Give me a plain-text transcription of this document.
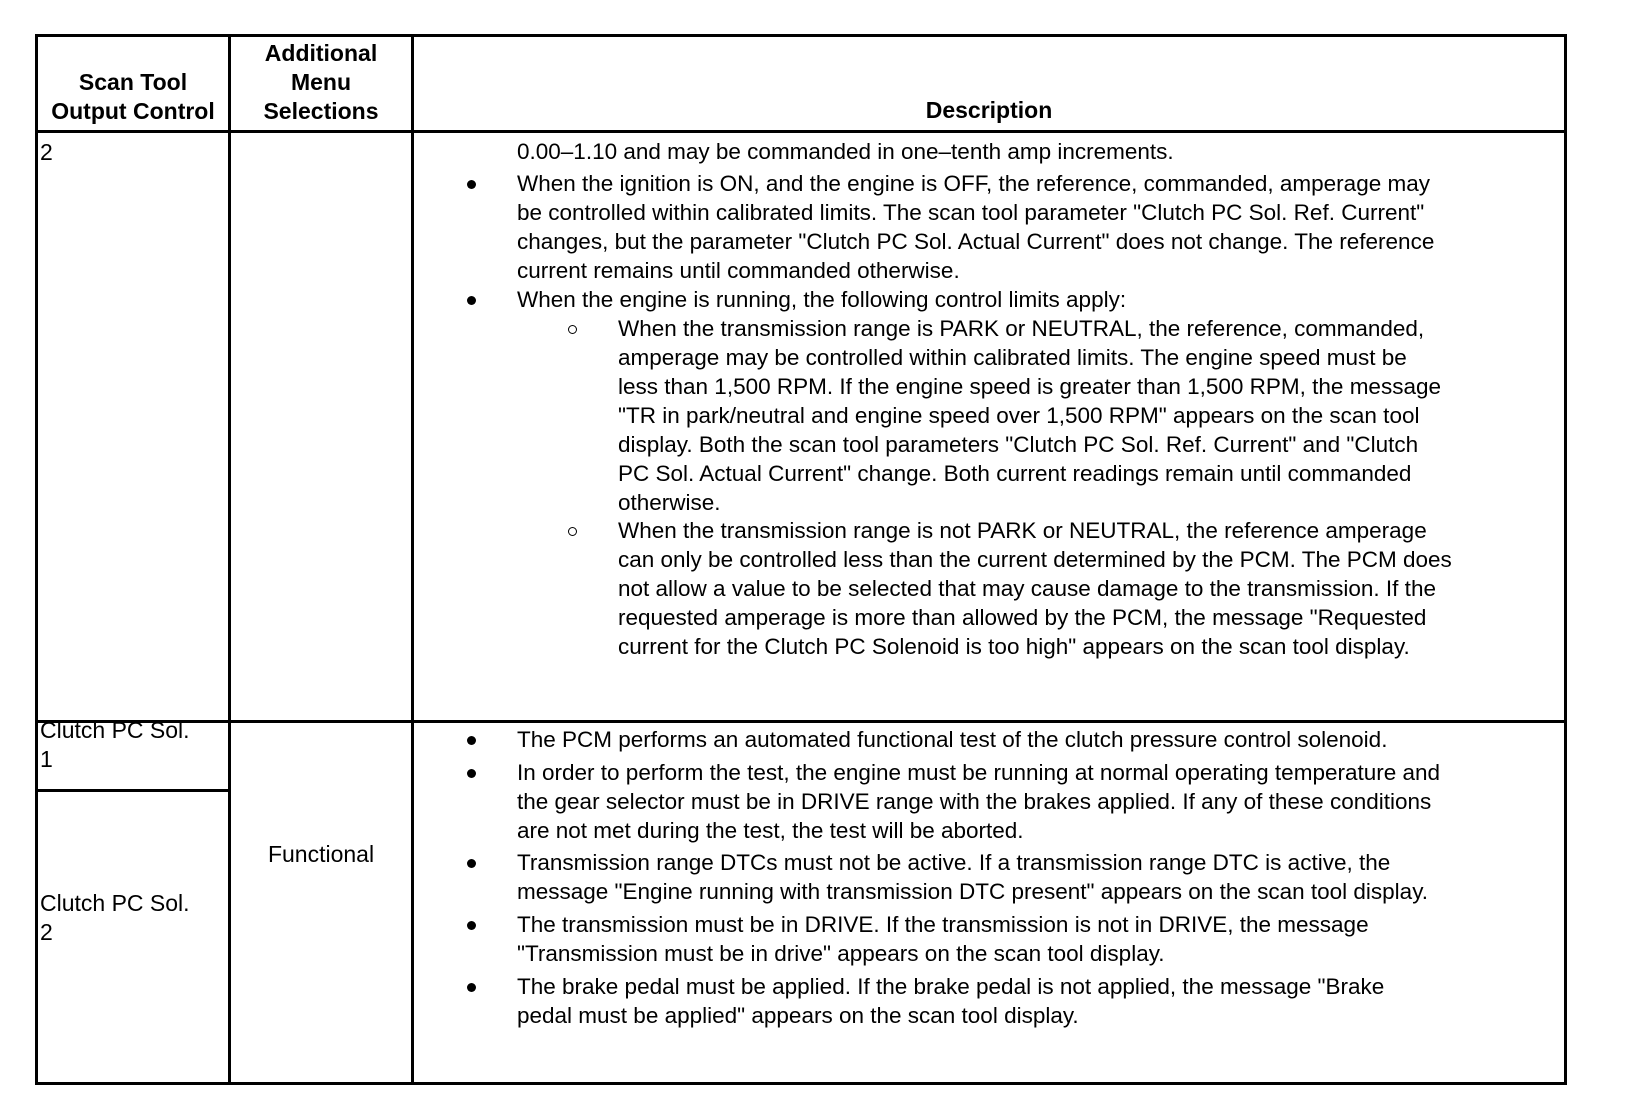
Scan Tool
Output Control
Additional
Menu
Selections	Description
2	0.00–1.10 and may be commanded in one–tenth amp increments.
When the ignition is ON, and the engine is OFF, the reference, commanded, amperage may
be controlled within calibrated limits. The scan tool parameter "Clutch PC Sol. Ref. Current"
changes, but the parameter "Clutch PC Sol. Actual Current" does not change. The reference
current remains until commanded otherwise.
When the engine is running, the following control limits apply:
When the transmission range is PARK or NEUTRAL, the reference, commanded,
amperage may be controlled within calibrated limits. The engine speed must be
less than 1,500 RPM. If the engine speed is greater than 1,500 RPM, the message
"TR in park/neutral and engine speed over 1,500 RPM" appears on the scan tool
display. Both the scan tool parameters "Clutch PC Sol. Ref. Current" and "Clutch
PC Sol. Actual Current" change. Both current readings remain until commanded
otherwise.
When the transmission range is not PARK or NEUTRAL, the reference amperage
can only be controlled less than the current determined by the PCM. The PCM does
not allow a value to be selected that may cause damage to the transmission. If the
requested amperage is more than allowed by the PCM, the message "Requested
current for the Clutch PC Solenoid is too high" appears on the scan tool display.
Clutch PC Sol.
1
Clutch PC Sol.
2
Functional
The PCM performs an automated functional test of the clutch pressure control solenoid.
In order to perform the test, the engine must be running at normal operating temperature and
the gear selector must be in DRIVE range with the brakes applied. If any of these conditions
are not met during the test, the test will be aborted.
Transmission range DTCs must not be active. If a transmission range DTC is active, the
message "Engine running with transmission DTC present" appears on the scan tool display.
The transmission must be in DRIVE. If the transmission is not in DRIVE, the message
"Transmission must be in drive" appears on the scan tool display.
The brake pedal must be applied. If the brake pedal is not applied, the message "Brake
pedal must be applied" appears on the scan tool display.
